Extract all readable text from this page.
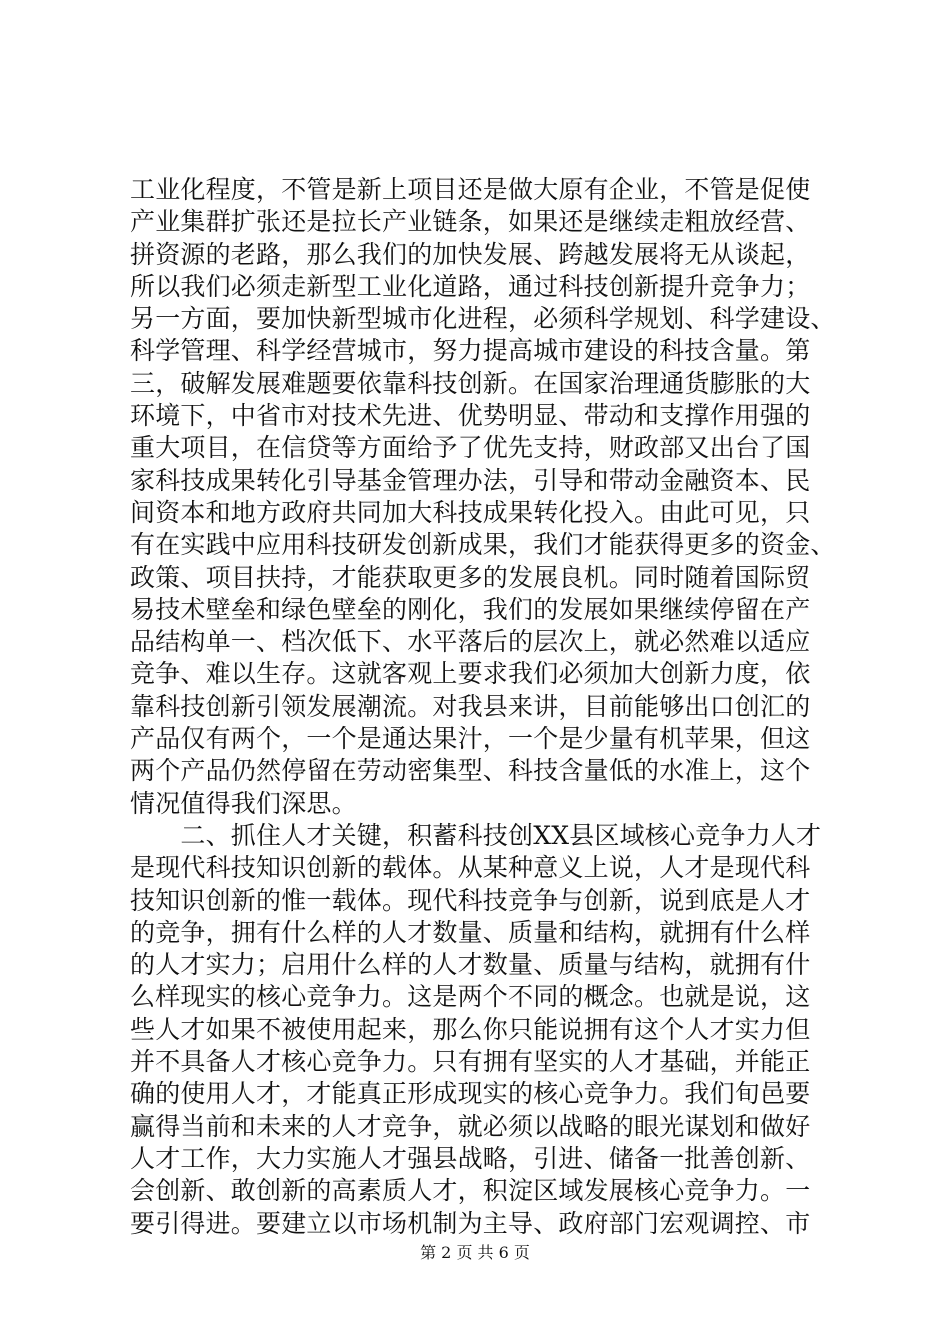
工业化程度，不管是新上项目还是做大原有企业，不管是促使
产业集群扩张还是拉长产业链条，如果还是继续走粗放经营、
拼资源的老路，那么我们的加快发展、跨越发展将无从谈起，
所以我们必须走新型工业化道路，通过科技创新提升竞争力；
另一方面，要加快新型城市化进程，必须科学规划、科学建设、
科学管理、科学经营城市，努力提高城市建设的科技含量。第
三，破解发展难题要依靠科技创新。在国家治理通货膨胀的大
环境下，中省市对技术先进、优势明显、带动和支撑作用强的
重大项目，在信贷等方面给予了优先支持，财政部又出台了国
家科技成果转化引导基金管理办法，引导和带动金融资本、民
间资本和地方政府共同加大科技成果转化投入。由此可见，只
有在实践中应用科技研发创新成果，我们才能获得更多的资金、
政策、项目扶持，才能获取更多的发展良机。同时随着国际贸
易技术壁垒和绿色壁垒的刚化，我们的发展如果继续停留在产
品结构单一、档次低下、水平落后的层次上，就必然难以适应
竞争、难以生存。这就客观上要求我们必须加大创新力度，依
靠科技创新引领发展潮流。对我县来讲，目前能够出口创汇的
产品仅有两个，一个是通达果汁，一个是少量有机苹果，但这
两个产品仍然停留在劳动密集型、科技含量低的水准上，这个
情况值得我们深思。
　　二、抓住人才关键，积蓄科技创XX县区域核心竞争力人才
是现代科技知识创新的载体。从某种意义上说，人才是现代科
技知识创新的惟一载体。现代科技竞争与创新，说到底是人才
的竞争，拥有什么样的人才数量、质量和结构，就拥有什么样
的人才实力；启用什么样的人才数量、质量与结构，就拥有什
么样现实的核心竞争力。这是两个不同的概念。也就是说，这
些人才如果不被使用起来，那么你只能说拥有这个人才实力但
并不具备人才核心竞争力。只有拥有坚实的人才基础，并能正
确的使用人才，才能真正形成现实的核心竞争力。我们旬邑要
赢得当前和未来的人才竞争，就必须以战略的眼光谋划和做好
人才工作，大力实施人才强县战略，引进、储备一批善创新、
会创新、敢创新的高素质人才，积淀区域发展核心竞争力。一
要引得进。要建立以市场机制为主导、政府部门宏观调控、市
第 2 页 共 6 页
